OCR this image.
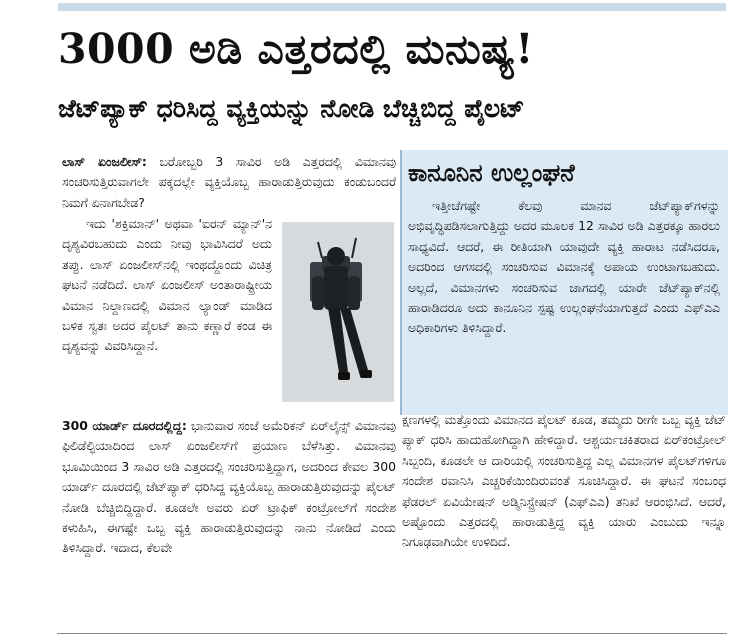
3000 ಅಡಿ ಎತ್ತರದಲ್ಲಿ ಮನುಷ್ಯ!
ಜೆಟ್‌ಪ್ಯಾಕ್ ಧರಿಸಿದ್ದ ವ್ಯಕ್ತಿಯನ್ನು ನೋಡಿ ಬೆಚ್ಚಿಬಿದ್ದ ಪೈಲಟ್

ಲಾಸ್ ಏಂಜಲೀಸ್: ಬರೋಬ್ಬರಿ 3 ಸಾವಿರ ಅಡಿ ಎತ್ತರದಲ್ಲಿ ವಿಮಾನವು ಸಂಚರಿಸುತ್ತಿರುವಾಗಲೇ ಪಕ್ಕದಲ್ಲೇ ವ್ಯಕ್ತಿಯೊಬ್ಬ ಹಾರಾಡುತ್ತಿರುವುದು ಕಂಡುಬಂದರೆ ನಿಮಗೆ ಏನಾಗಬೇಡ?

ಇದು 'ಶಕ್ತಿಮಾನ್' ಅಥವಾ 'ಐರನ್ ಮ್ಯಾನ್'ನ ದೃಶ್ಯವಿರಬಹುದು ಎಂದು ನೀವು ಭಾವಿಸಿದರೆ ಅದು ತಪ್ಪು. ಲಾಸ್ ಏಂಜಲೀಸ್‌ನಲ್ಲಿ ಇಂಥದ್ದೊಂದು ವಿಚಿತ್ರ ಘಟನೆ ನಡೆದಿದೆ. ಲಾಸ್ ಏಂಜಲೀಸ್ ಅಂತಾರಾಷ್ಟ್ರೀಯ ವಿಮಾನ ನಿಲ್ದಾಣದಲ್ಲಿ ವಿಮಾನ ಲ್ಯಾಂಡ್ ಮಾಡಿದ ಬಳಿಕ ಸ್ವತಃ ಅದರ ಪೈಲಟ್ ತಾನು ಕಣ್ಣಾರೆ ಕಂಡ ಈ ದೃಶ್ಯವನ್ನು ವಿವರಿಸಿದ್ದಾನೆ.

300 ಯಾರ್ಡ್ ದೂರದಲ್ಲಿದ್ದ: ಭಾನುವಾರ ಸಂಜೆ ಅಮೆರಿಕನ್ ಏರ್‌ಲೈನ್ಸ್ ವಿಮಾನವು ಫಿಲಿಡೆಲ್ಫಿಯಾದಿಂದ ಲಾಸ್ ಏಂಜಲೀಸ್‌ಗೆ ಪ್ರಯಾಣ ಬೆಳೆಸಿತ್ತು. ವಿಮಾನವು ಭೂಮಿಯಿಂದ 3 ಸಾವಿರ ಅಡಿ ಎತ್ತರದಲ್ಲಿ ಸಂಚರಿಸುತ್ತಿದ್ದಾಗ, ಅದರಿಂದ ಕೇವಲ 300 ಯಾರ್ಡ್ ದೂರದಲ್ಲಿ ಜೆಟ್‌ಪ್ಯಾಕ್ ಧರಿಸಿದ್ದ ವ್ಯಕ್ತಿಯೊಬ್ಬ ಹಾರಾಡುತ್ತಿರುವುದನ್ನು ಪೈಲಟ್ ನೋಡಿ ಬೆಚ್ಚಿಬಿದ್ದಿದ್ದಾರೆ. ಕೂಡಲೇ ಅವರು ಏರ್ ಟ್ರಾಫಿಕ್ ಕಂಟ್ರೋಲ್‌ಗೆ ಸಂದೇಶ ಕಳುಹಿಸಿ, ಈಗಷ್ಟೇ ಒಬ್ಬ ವ್ಯಕ್ತಿ ಹಾರಾಡುತ್ತಿರುವುದನ್ನು ನಾನು ನೋಡಿದೆ ಎಂದು ತಿಳಿಸಿದ್ದಾರೆ. ಇದಾದ, ಕೆಲವೇ

ಕಾನೂನಿನ ಉಲ್ಲಂಘನೆ

ಇತ್ತೀಚೆಗಷ್ಟೇ ಕೆಲವು ಮಾನವ ಜೆಟ್‌ಪ್ಯಾಕ್‌ಗಳನ್ನು ಅಭಿವೃದ್ಧಿಪಡಿಸಲಾಗುತ್ತಿದ್ದು ಅದರ ಮೂಲಕ 12 ಸಾವಿರ ಅಡಿ ಎತ್ತರಕ್ಕೂ ಹಾರಲು ಸಾಧ್ಯವಿದೆ. ಆದರೆ, ಈ ರೀತಿಯಾಗಿ ಯಾವುದೇ ವ್ಯಕ್ತಿ ಹಾರಾಟ ನಡೆಸಿದರೂ, ಅದರಿಂದ ಆಗಸದಲ್ಲಿ ಸಂಚರಿಸುವ ವಿಮಾನಕ್ಕೆ ಅಪಾಯ ಉಂಟಾಗಬಹುದು. ಅಲ್ಲದೆ, ವಿಮಾನಗಳು ಸಂಚರಿಸುವ ಜಾಗದಲ್ಲಿ ಯಾರೇ ಜೆಟ್‌ಪ್ಯಾಕ್‌ನಲ್ಲಿ ಹಾರಾಡಿದರೂ ಅದು ಕಾನೂನಿನ ಸ್ಪಷ್ಟ ಉಲ್ಲಂಘನೆಯಾಗುತ್ತದೆ ಎಂದು ಎಫ್‌ಎಎ ಅಧಿಕಾರಿಗಳು ತಿಳಿಸಿದ್ದಾರೆ.

ಕ್ಷಣಗಳಲ್ಲಿ ಮತ್ತೊಂದು ವಿಮಾನದ ಪೈಲಟ್ ಕೂಡ, ತಮ್ಮದು ರೀಗೇ ಒಬ್ಬ ವ್ಯಕ್ತಿ ಜೆಟ್ ಪ್ಯಾಕ್ ಧರಿಸಿ ಹಾದುಹೋಗಿದ್ದಾಗಿ ಹೇಳಿದ್ದಾರೆ. ಆಶ್ಚರ್ಯಚಕಿತರಾದ ಏರ್‌ಕಂಟ್ರೋಲ್ ಸಿಬ್ಬಂದಿ, ಕೂಡಲೇ ಆ ದಾರಿಯಲ್ಲಿ ಸಂಚರಿಸುತ್ತಿದ್ದ ಎಲ್ಲ ವಿಮಾನಗಳ ಪೈಲಟ್‌ಗಳಿಗೂ ಸಂದೇಶ ರವಾನಿಸಿ ಎಚ್ಚರಿಕೆಯಿಂದಿರುವಂತೆ ಸೂಚಿಸಿದ್ದಾರೆ. ಈ ಘಟನೆ ಸಂಬಂಧ ಫೆಡರಲ್ ಏವಿಯೇಷನ್ ಅಡ್ಮಿನಿಸ್ಟ್ರೇಷನ್ (ಎಫ್‌ಎಎ) ತನಿಖೆ ಆರಂಭಿಸಿದೆ. ಆದರೆ, ಅಷ್ಟೊಂದು ಎತ್ತರದಲ್ಲಿ ಹಾರಾಡುತ್ತಿದ್ದ ವ್ಯಕ್ತಿ ಯಾರು ಎಂಬುದು ಇನ್ನೂ ನಿಗೂಢವಾಗಿಯೇ ಉಳಿದಿದೆ.
